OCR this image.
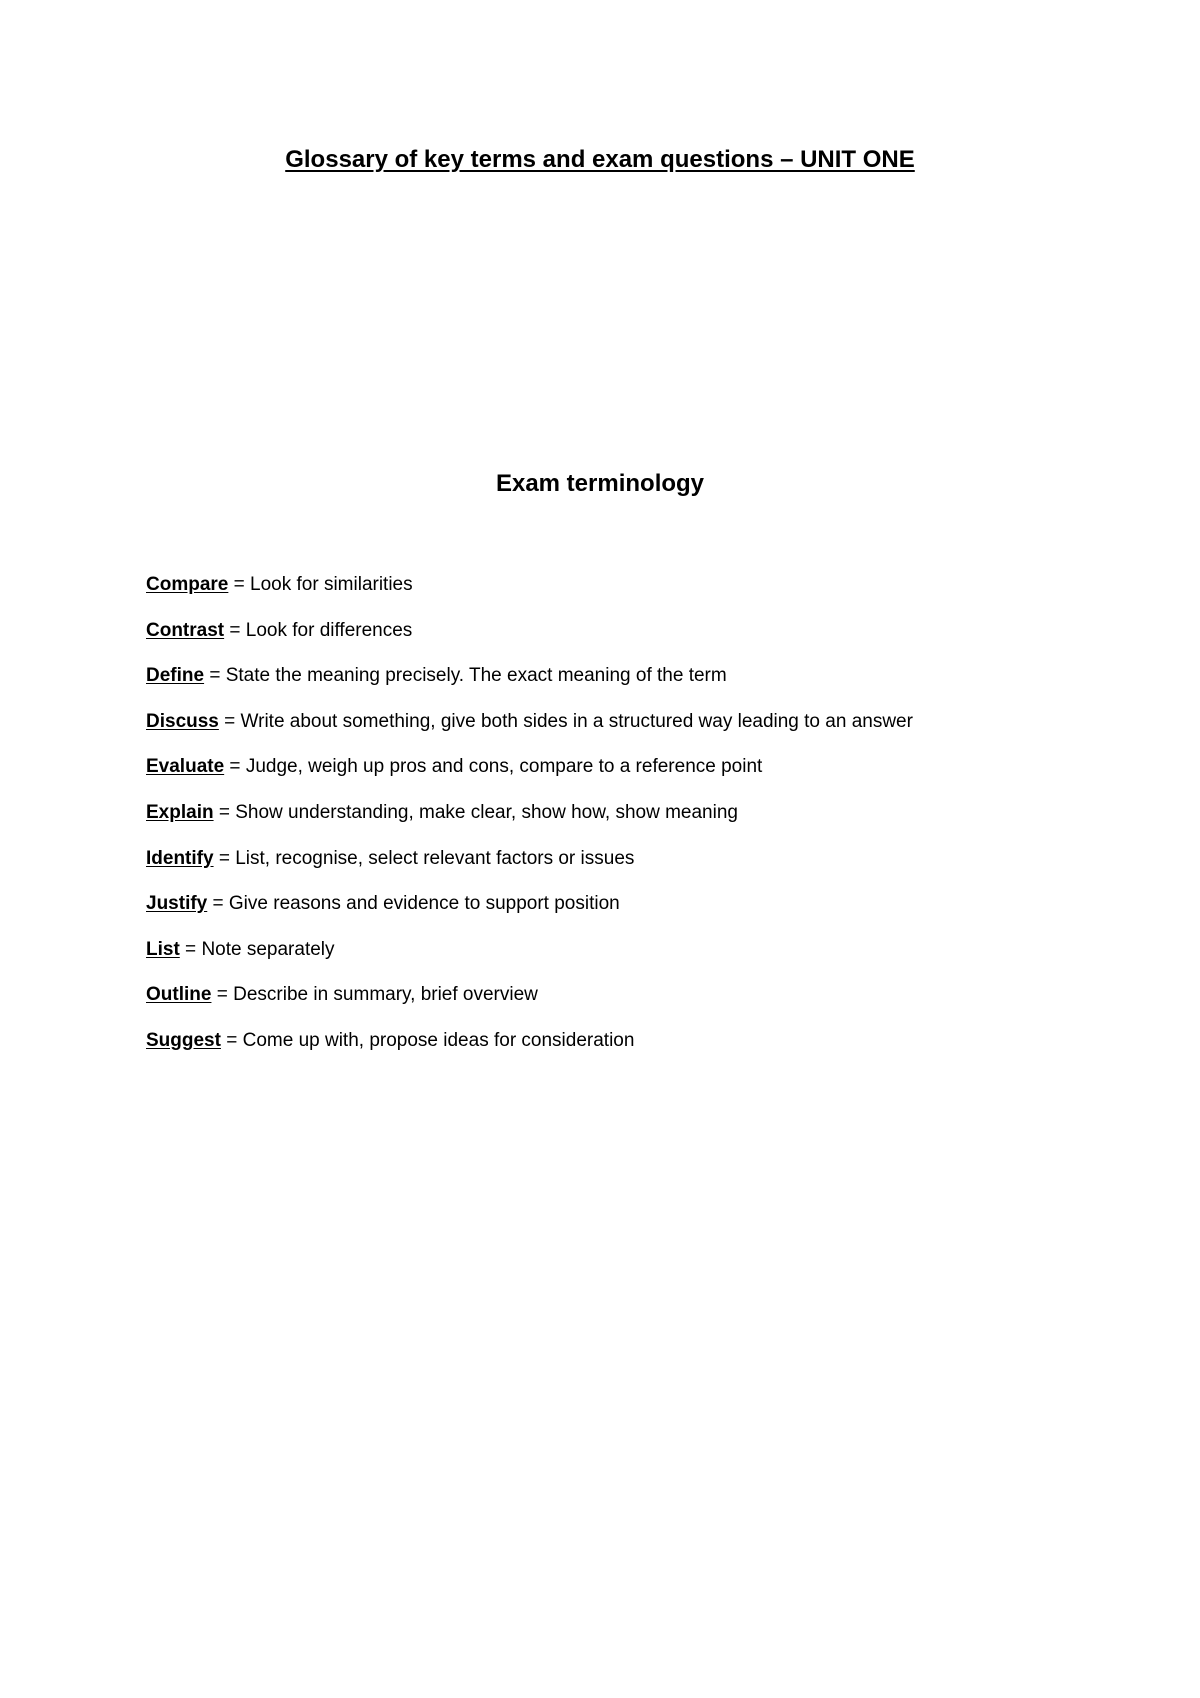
Glossary of key terms and exam questions – UNIT ONE
Exam terminology
Compare = Look for similarities
Contrast = Look for differences
Define = State the meaning precisely. The exact meaning of the term
Discuss = Write about something, give both sides in a structured way leading to an answer
Evaluate = Judge, weigh up pros and cons, compare to a reference point
Explain = Show understanding, make clear, show how, show meaning
Identify = List, recognise, select relevant factors or issues
Justify = Give reasons and evidence to support position
List = Note separately
Outline = Describe in summary, brief overview
Suggest = Come up with, propose ideas for consideration
